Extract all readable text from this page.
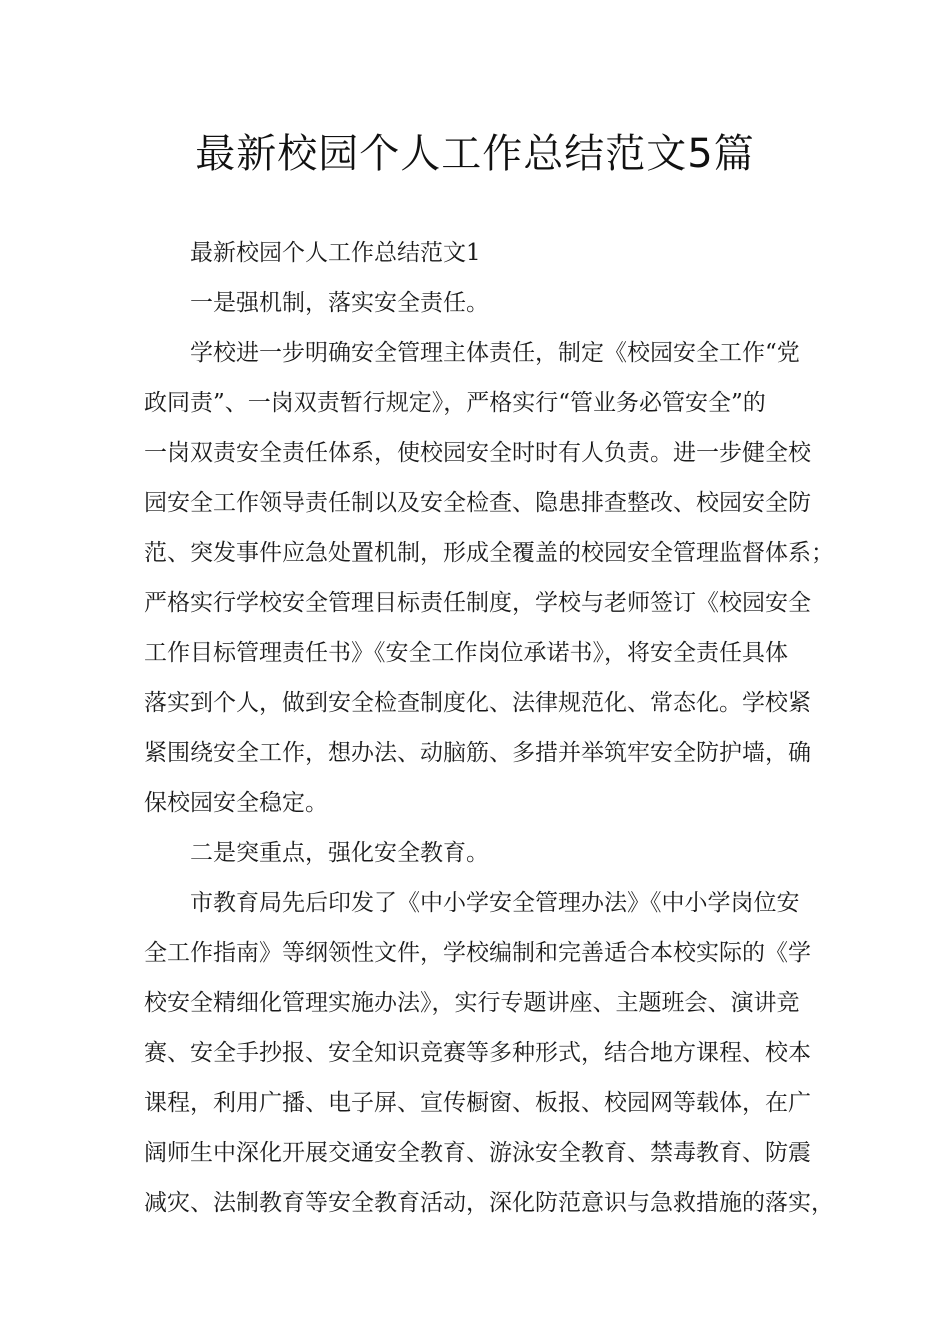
最新校园个人工作总结范文5篇
最新校园个人工作总结范文1
一是强机制，落实安全责任。
学校进一步明确安全管理主体责任，制定《校园安全工作“党
政同责”、一岗双责暂行规定》，严格实行“管业务必管安全”的
一岗双责安全责任体系，使校园安全时时有人负责。进一步健全校
园安全工作领导责任制以及安全检查、隐患排查整改、校园安全防
范、突发事件应急处置机制，形成全覆盖的校园安全管理监督体系；
严格实行学校安全管理目标责任制度，学校与老师签订《校园安全
工作目标管理责任书》《安全工作岗位承诺书》，将安全责任具体
落实到个人，做到安全检查制度化、法律规范化、常态化。学校紧
紧围绕安全工作，想办法、动脑筋、多措并举筑牢安全防护墙，确
保校园安全稳定。
二是突重点，强化安全教育。
市教育局先后印发了《中小学安全管理办法》《中小学岗位安
全工作指南》等纲领性文件，学校编制和完善适合本校实际的《学
校安全精细化管理实施办法》，实行专题讲座、主题班会、演讲竞
赛、安全手抄报、安全知识竞赛等多种形式，结合地方课程、校本
课程，利用广播、电子屏、宣传橱窗、板报、校园网等载体，在广
阔师生中深化开展交通安全教育、游泳安全教育、禁毒教育、防震
减灾、法制教育等安全教育活动，深化防范意识与急救措施的落实，
